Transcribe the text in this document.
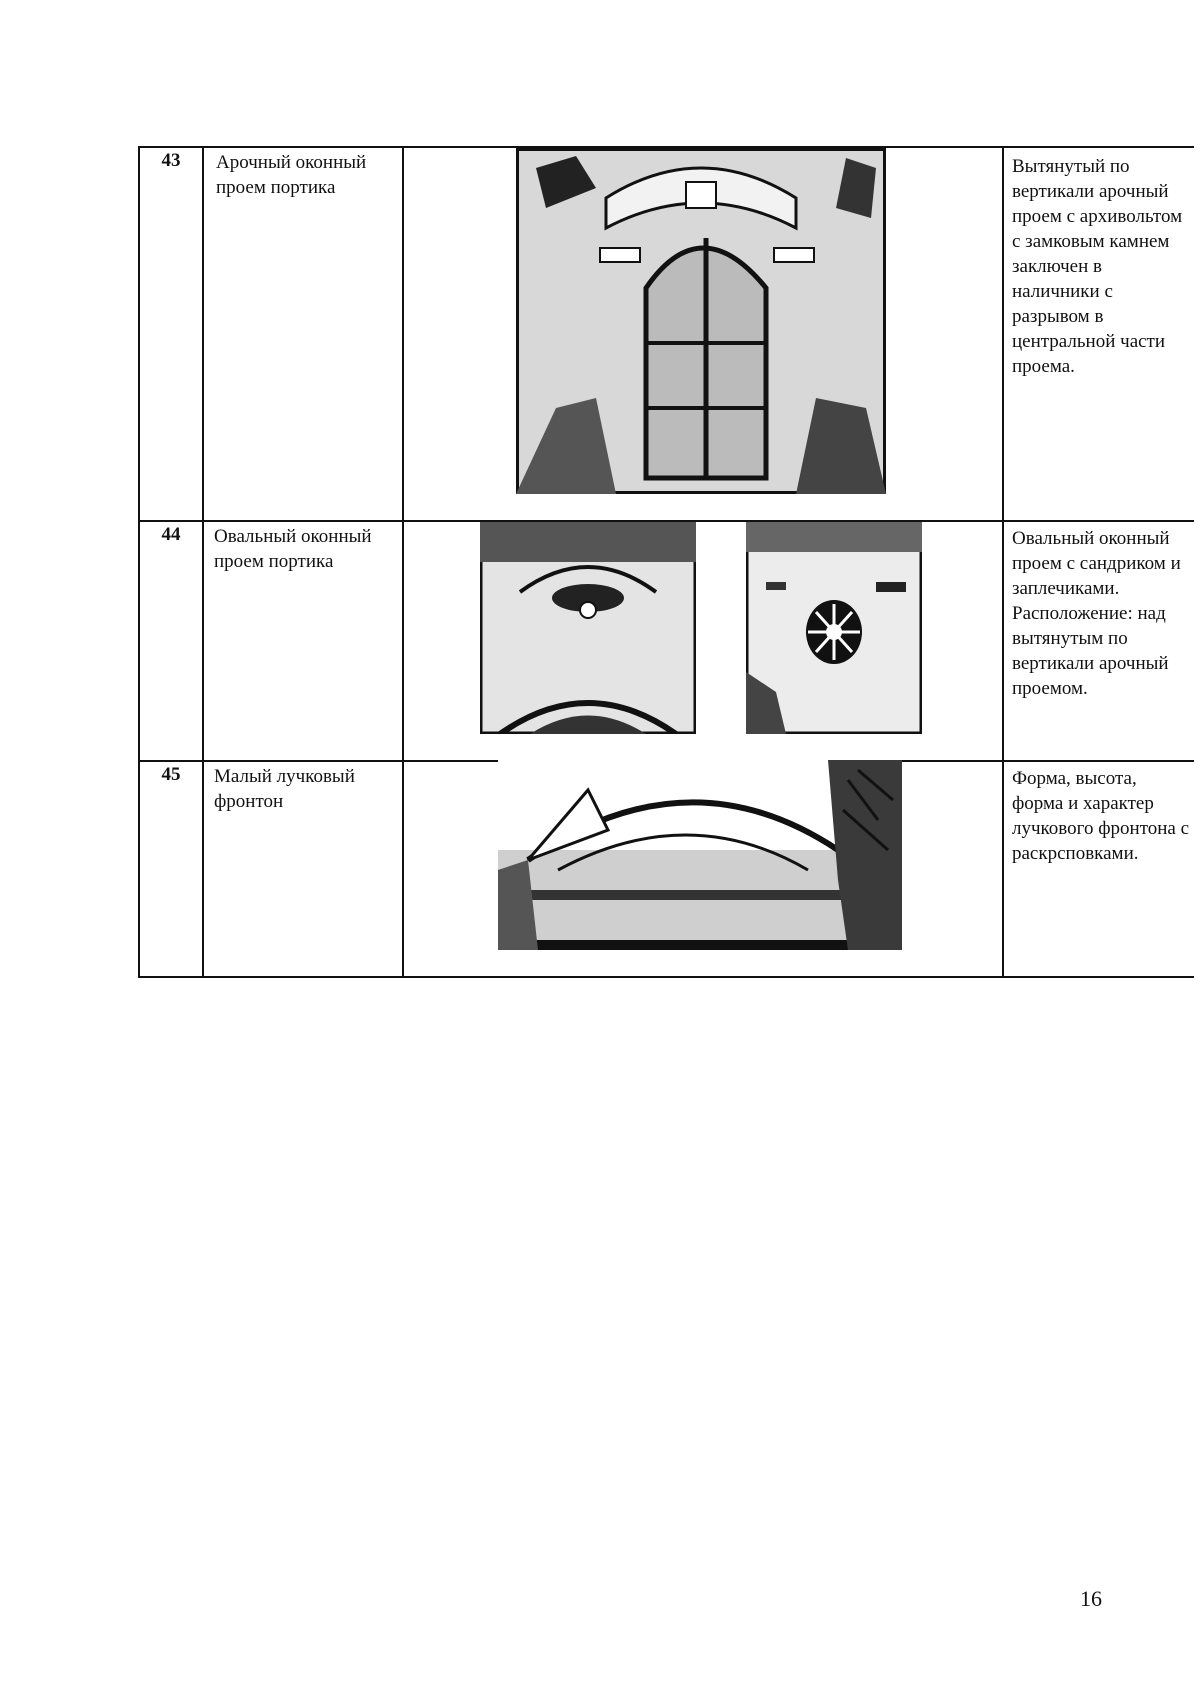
43	Арочный оконный проем портика
Вытянутый по вертикали арочный проем с архивольтом с замковым камнем заключен в наличники с разрывом в центральной части проема.
44	Овальный оконный проем портика
Овальный оконный проем с сандриком и заплечиками. Расположение: над вытянутым по вертикали арочный проемом.
45	Малый лучковый фронтон
Форма, высота, форма и характер лучкового фронтона с раскрсповками.
16
